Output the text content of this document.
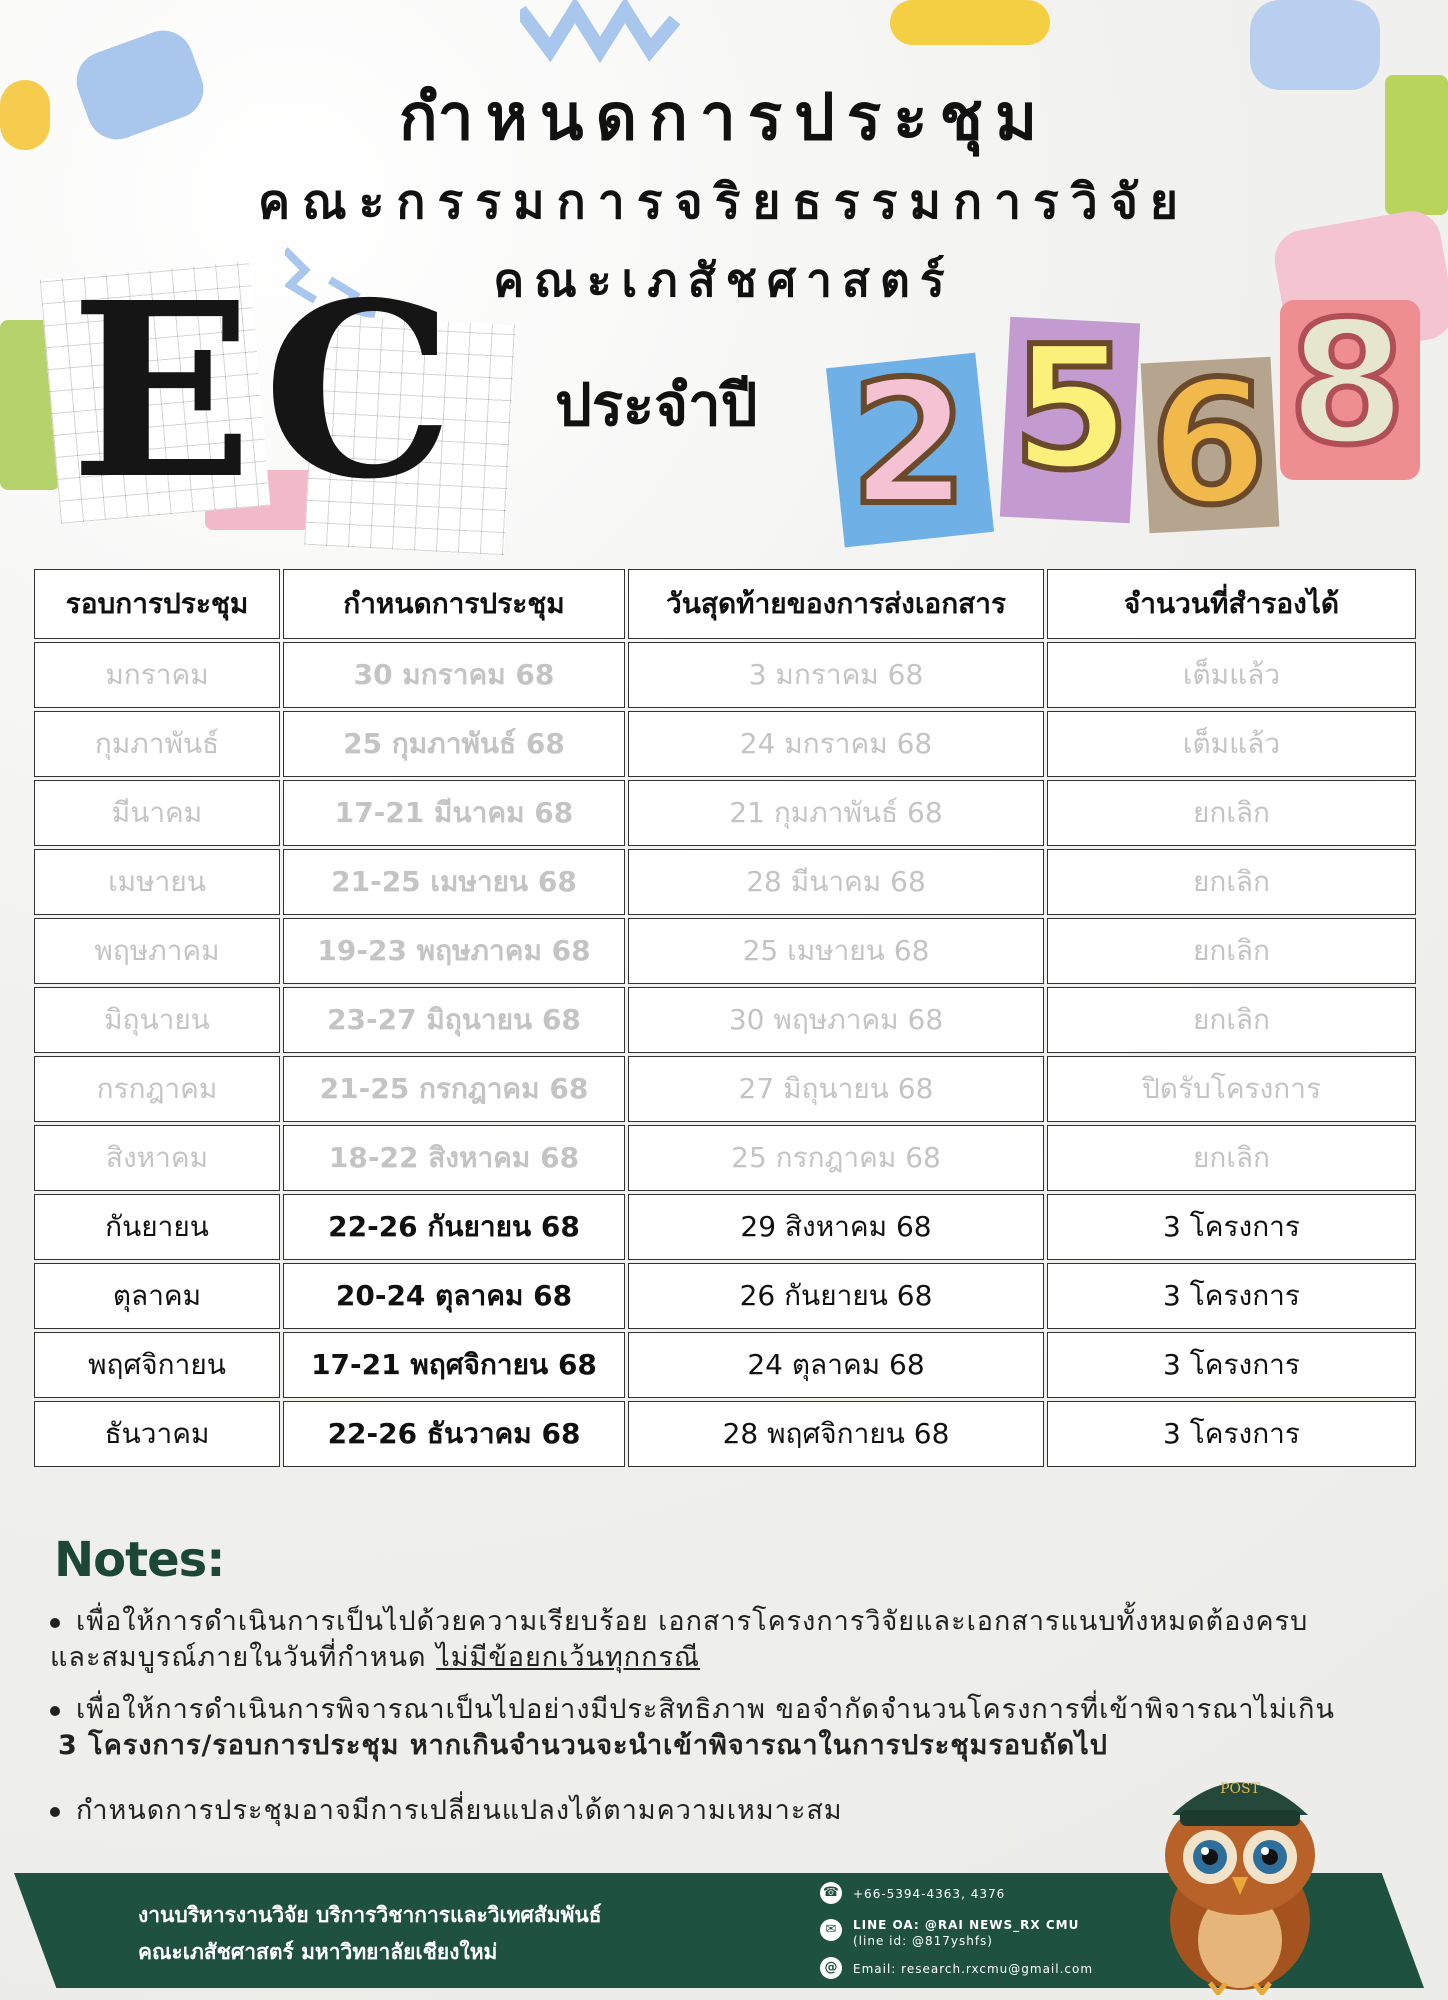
กำหนดการประชุม
คณะกรรมการจริยธรรมการวิจัย
คณะเภสัชศาสตร์
ประจำปี
EC 2 5 6 8
รอบการประชุม	กำหนดการประชุม	วันสุดท้ายของการส่งเอกสาร	จำนวนที่สำรองได้
มกราคม	30 มกราคม 68	3 มกราคม 68	เต็มแล้ว
กุมภาพันธ์	25 กุมภาพันธ์ 68	24 มกราคม 68	เต็มแล้ว
มีนาคม	17-21 มีนาคม 68	21 กุมภาพันธ์ 68	ยกเลิก
เมษายน	21-25 เมษายน 68	28 มีนาคม 68	ยกเลิก
พฤษภาคม	19-23 พฤษภาคม 68	25 เมษายน 68	ยกเลิก
มิถุนายน	23-27 มิถุนายน 68	30 พฤษภาคม 68	ยกเลิก
กรกฎาคม	21-25 กรกฎาคม 68	27 มิถุนายน 68	ปิดรับโครงการ
สิงหาคม	18-22 สิงหาคม 68	25 กรกฎาคม 68	ยกเลิก
กันยายน	22-26 กันยายน 68	29 สิงหาคม 68	3 โครงการ
ตุลาคม	20-24 ตุลาคม 68	26 กันยายน 68	3 โครงการ
พฤศจิกายน	17-21 พฤศจิกายน 68	24 ตุลาคม 68	3 โครงการ
ธันวาคม	22-26 ธันวาคม 68	28 พฤศจิกายน 68	3 โครงการ
Notes:
เพื่อให้การดำเนินการเป็นไปด้วยความเรียบร้อย เอกสารโครงการวิจัยและเอกสารแนบทั้งหมดต้องครบ
และสมบูรณ์ภายในวันที่กำหนด ไม่มีข้อยกเว้นทุกกรณี
เพื่อให้การดำเนินการพิจารณาเป็นไปอย่างมีประสิทธิภาพ ขอจำกัดจำนวนโครงการที่เข้าพิจารณาไม่เกิน
3 โครงการ/รอบการประชุม หากเกินจำนวนจะนำเข้าพิจารณาในการประชุมรอบถัดไป
กำหนดการประชุมอาจมีการเปลี่ยนแปลงได้ตามความเหมาะสม
งานบริหารงานวิจัย บริการวิชาการและวิเทศสัมพันธ์
คณะเภสัชศาสตร์ มหาวิทยาลัยเชียงใหม่
☎ +66-5394-4363, 4376
✉	LINE OA: @RAI NEWS_RX CMU
(line id: @817yshfs)
@	Email: research.rxcmu@gmail.com
POST
